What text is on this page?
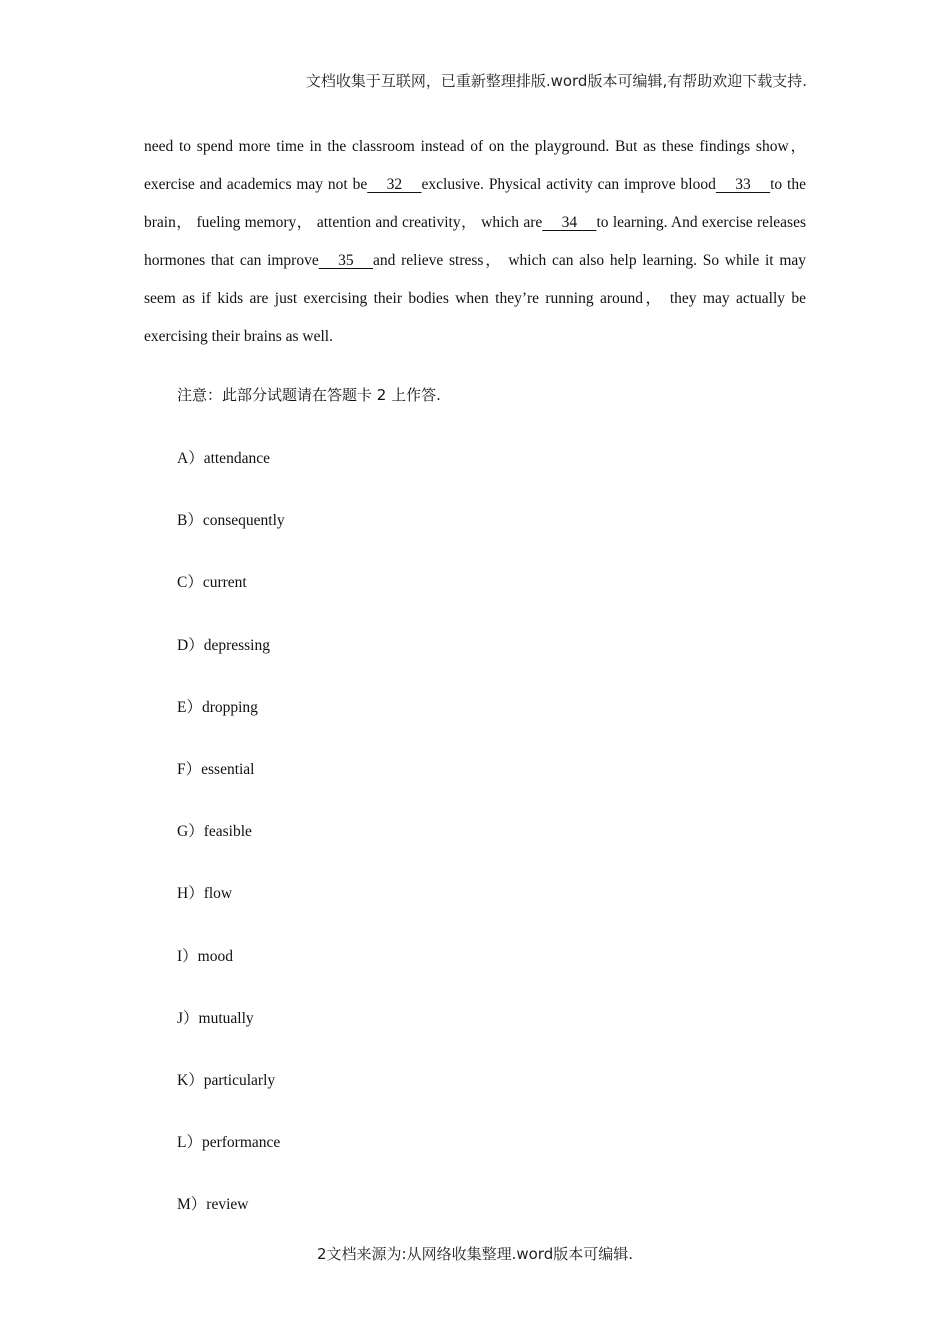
文档收集于互联网，已重新整理排版.word版本可编辑,有帮助欢迎下载支持.
need to spend more time in the classroom instead of on the playground. But as these findings show， exercise and academics may not be     32     exclusive. Physical activity can improve blood     33     to the brain， fueling memory， attention and creativity， which are     34     to learning. And exercise releases hormones that can improve     35     and relieve stress， which can also help learning. So while it may seem as if kids are just exercising their bodies when they’re running around， they may actually be exercising their brains as well.
注意：此部分试题请在答题卡 2 上作答.
A）attendance
B）consequently
C）current
D）depressing
E）dropping
F）essential
G）feasible
H）flow
I）mood
J）mutually
K）particularly
L）performance
M）review
2文档来源为:从网络收集整理.word版本可编辑.
